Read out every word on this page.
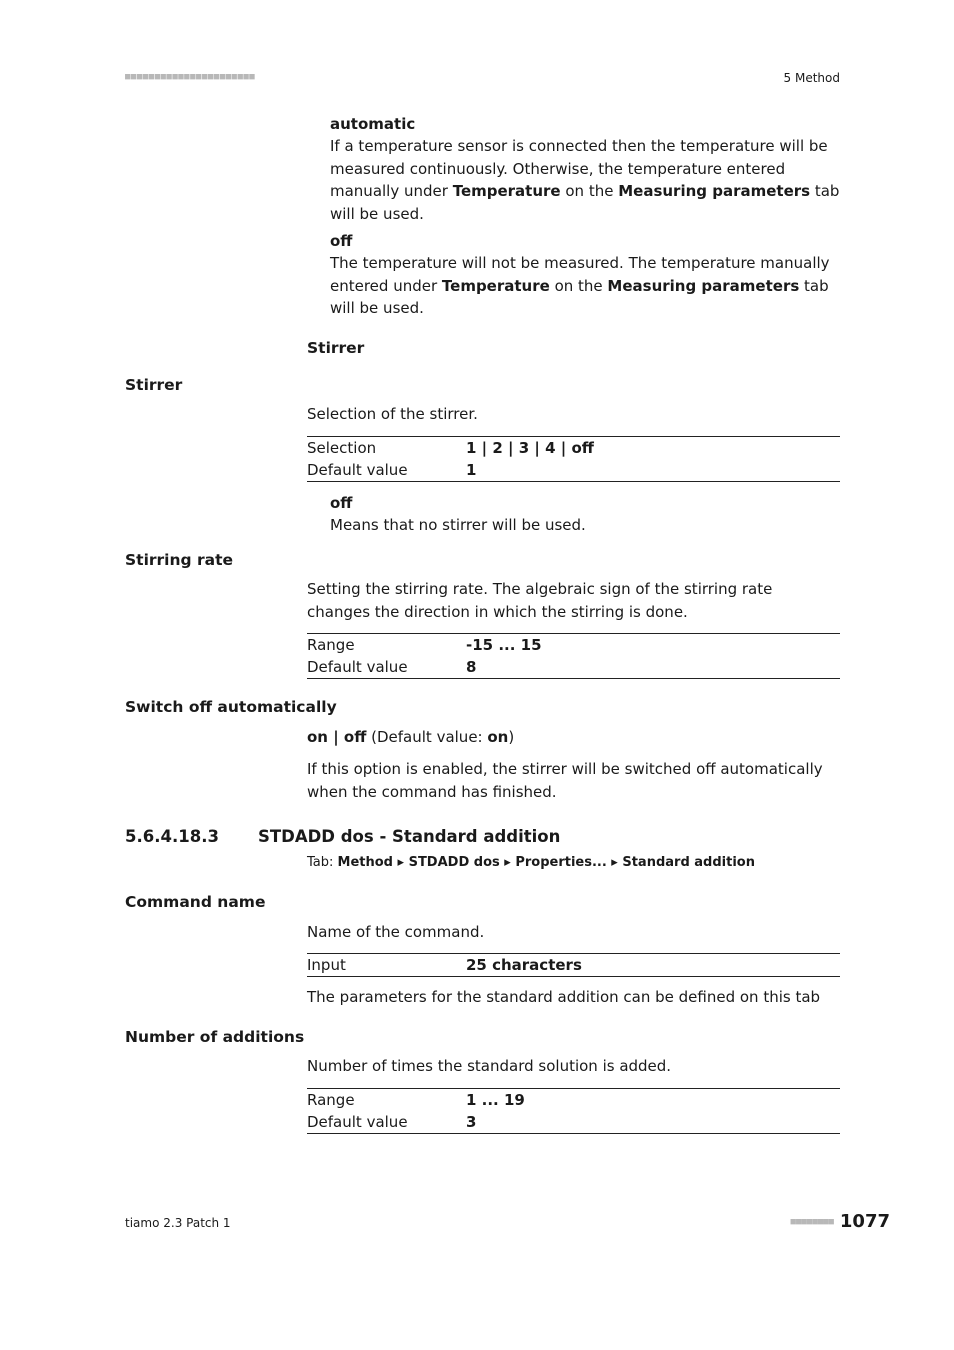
■■■■■■■■■■■■■■■■■■■■■■	5 Method
automatic

If a temperature sensor is connected then the temperature will be measured continuously. Otherwise, the temperature entered manually under Temperature on the Measuring parameters tab will be used.

off

The temperature will not be measured. The temperature manually entered under Temperature on the Measuring parameters tab will be used.

Stirrer
Stirrer

Selection of the stirrer.

Selection	1 | 2 | 3 | 4 | off
Default value	1
off

Means that no stirrer will be used.

Stirring rate

Setting the stirring rate. The algebraic sign of the stirring rate changes the direction in which the stirring is done.

Range	-15 ... 15
Default value	8
Switch off automatically

on | off (Default value: on)

If this option is enabled, the stirrer will be switched off automatically when the command has finished.

5.6.4.18.3 STDADD dos - Standard addition
Tab: Method ▸ STDADD dos ▸ Properties... ▸ Standard addition
Command name

Name of the command.

Input	25 characters

The parameters for the standard addition can be defined on this tab

Number of additions

Number of times the standard solution is added.

Range	1 ... 19
Default value	3
tiamo 2.3 Patch 1	■■■■■■■■ 1077
